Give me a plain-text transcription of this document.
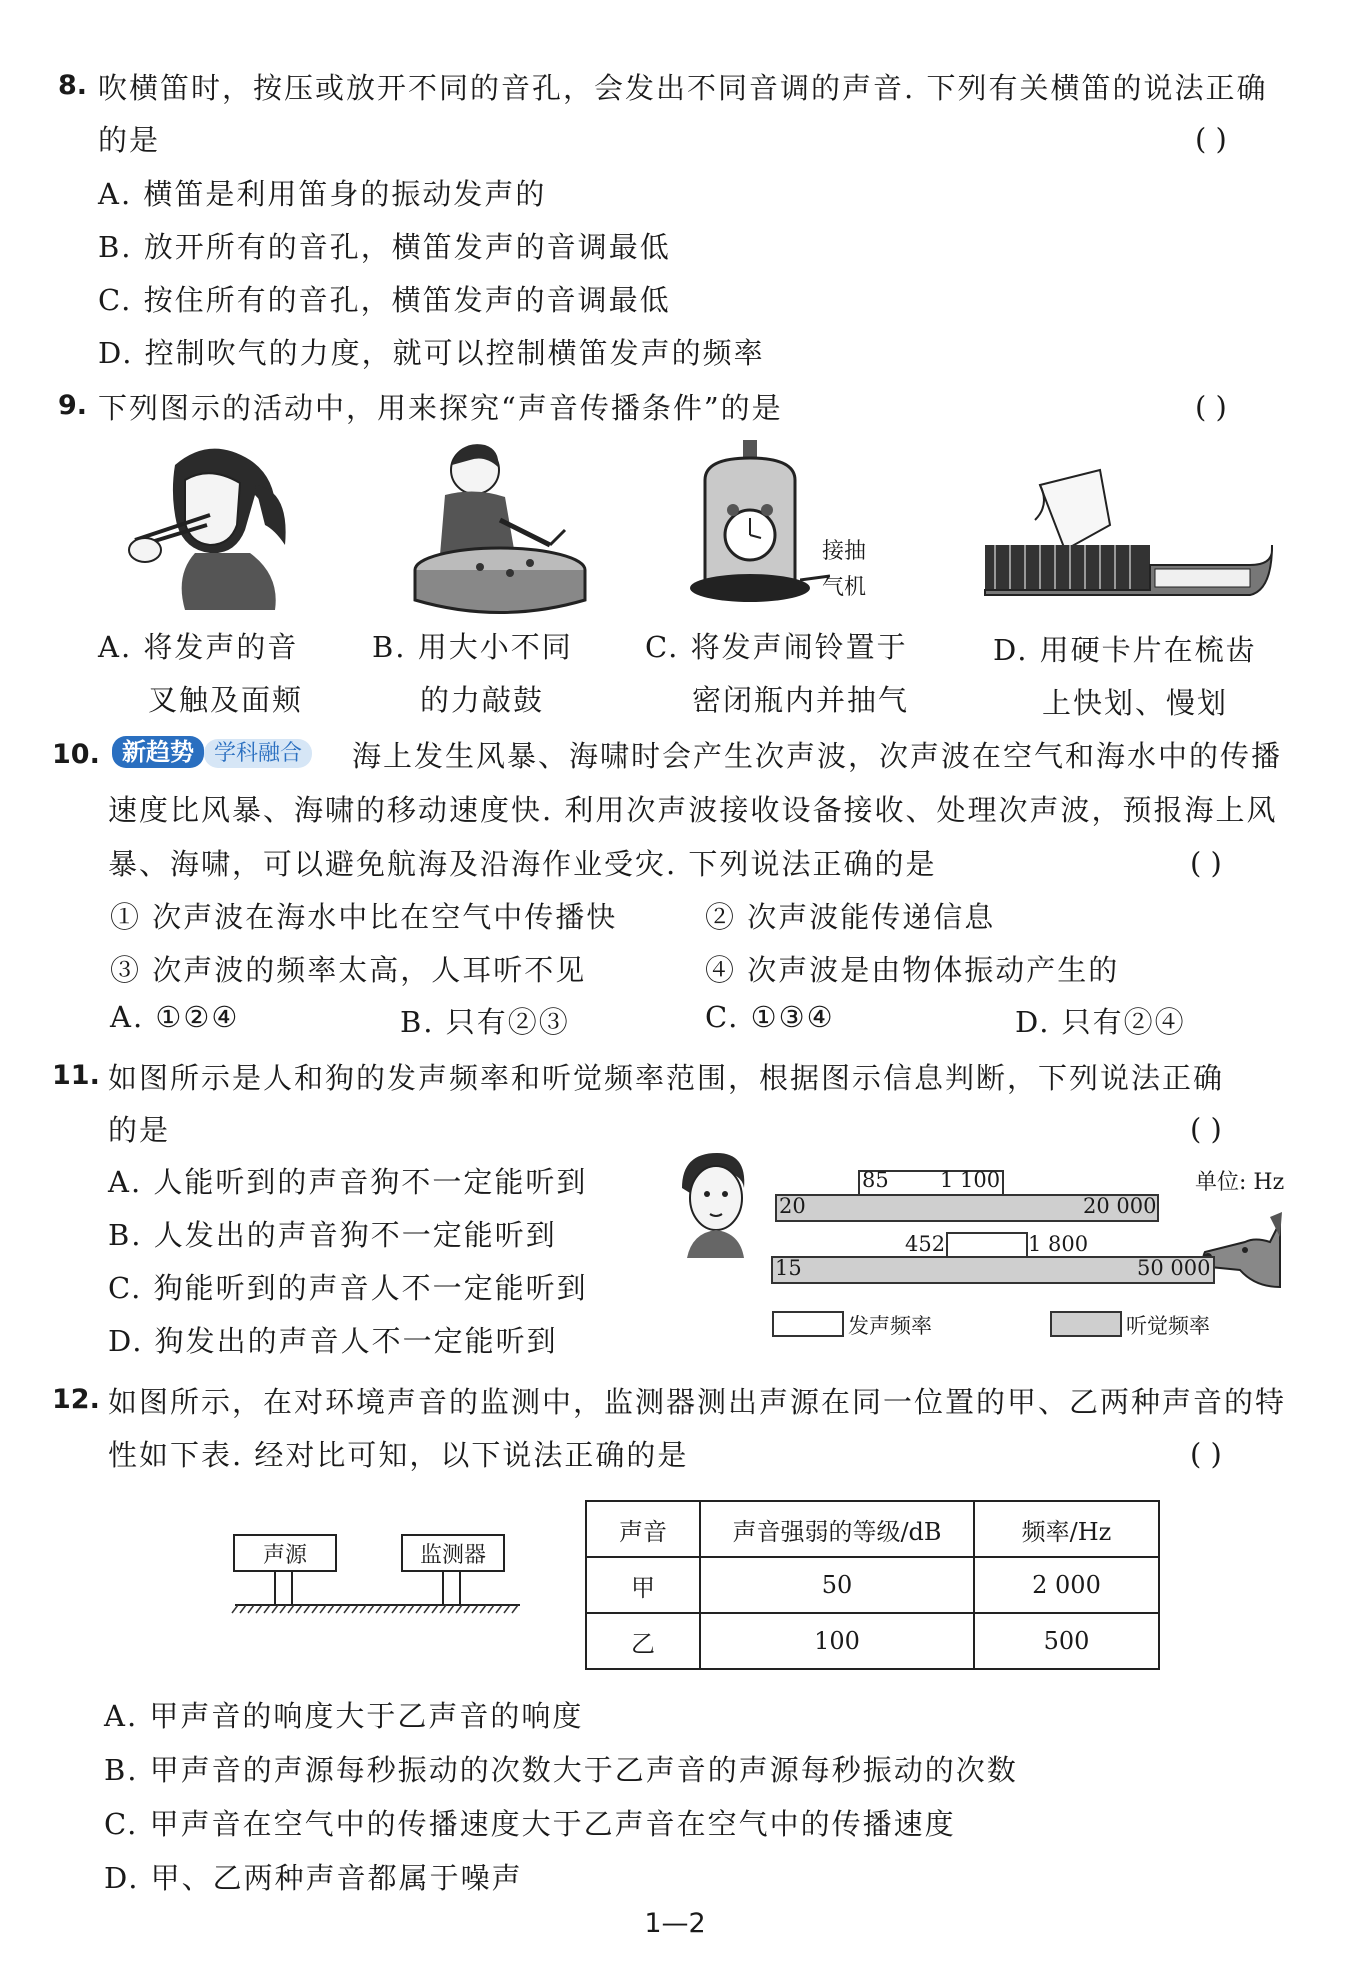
8. 吹横笛时，按压或放开不同的音孔，会发出不同音调的声音. 下列有关横笛的说法正确
的是	( )
A. 横笛是利用笛身的振动发声的
B. 放开所有的音孔，横笛发声的音调最低
C. 按住所有的音孔，横笛发声的音调最低
D. 控制吹气的力度，就可以控制横笛发声的频率
9. 下列图示的活动中，用来探究“声音传播条件”的是	( )
接抽
气机
A. 将发声的音
叉触及面颊
B. 用大小不同
的力敲鼓
C. 将发声闹铃置于
密闭瓶内并抽气
D. 用硬卡片在梳齿
上快划、慢划
10. 新趋势 学科融合	海上发生风暴、海啸时会产生次声波，次声波在空气和海水中的传播
速度比风暴、海啸的移动速度快. 利用次声波接收设备接收、处理次声波，预报海上风
暴、海啸，可以避免航海及沿海作业受灾. 下列说法正确的是	( )
① 次声波在海水中比在空气中传播快	② 次声波能传递信息
③ 次声波的频率太高，人耳听不见	④ 次声波是由物体振动产生的
A. ①②④	B. 只有②③	C. ①③④	D. 只有②④
11. 如图所示是人和狗的发声频率和听觉频率范围，根据图示信息判断，下列说法正确
的是	( )
A. 人能听到的声音狗不一定能听到
B. 人发出的声音狗不一定能听到
C. 狗能听到的声音人不一定能听到
D. 狗发出的声音人不一定能听到
单位: Hz
85 1 100
20	20 000
452	1 800
15	50 000
发声频率	听觉频率
12. 如图所示，在对环境声音的监测中，监测器测出声源在同一位置的甲、乙两种声音的特
性如下表. 经对比可知，以下说法正确的是	( )
声源	监测器
声音	声音强弱的等级/dB	频率/Hz
甲	50	2 000
乙	100	500
A. 甲声音的响度大于乙声音的响度
B. 甲声音的声源每秒振动的次数大于乙声音的声源每秒振动的次数
C. 甲声音在空气中的传播速度大于乙声音在空气中的传播速度
D. 甲、乙两种声音都属于噪声
1—2
